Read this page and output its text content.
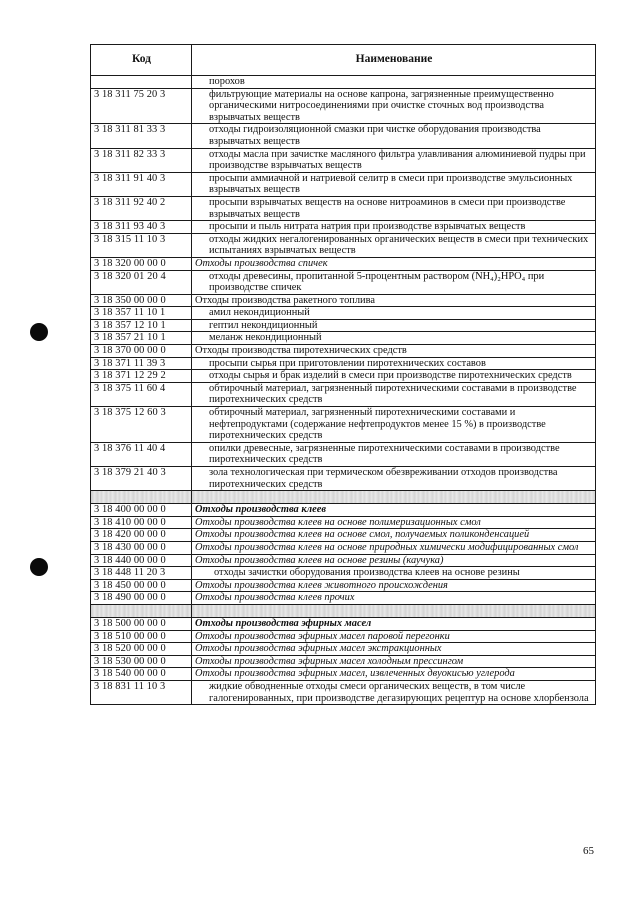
Код	Наименование
	порохов
3 18 311 75 20 3	фильтрующие материалы на основе капрона, загрязненные преимущественно органическими нитросоединениями при очистке сточных вод производства взрывчатых веществ
3 18 311 81 33 3	отходы гидроизоляционной смазки при чистке оборудования производства взрывчатых веществ
3 18 311 82 33 3	отходы масла при зачистке масляного фильтра улавливания алюминиевой пудры при производстве взрывчатых веществ
3 18 311 91 40 3	просыпи аммиачной и натриевой селитр в смеси при производстве эмульсионных взрывчатых веществ
3 18 311 92 40 2	просыпи взрывчатых веществ на основе нитроаминов в смеси при производстве взрывчатых веществ
3 18 311 93 40 3	просыпи и пыль нитрата натрия при производстве взрывчатых веществ
3 18 315 11 10 3	отходы жидких негалогенированных органических веществ в смеси при технических испытаниях взрывчатых веществ
3 18 320 00 00 0	Отходы производства спичек
3 18 320 01 20 4	отходы древесины, пропитанной 5-процентным раствором (NH₄)₂HPO₄ при производстве спичек
3 18 350 00 00 0	Отходы производства ракетного топлива
3 18 357 11 10 1	амил некондиционный
3 18 357 12 10 1	гептил некондиционный
3 18 357 21 10 1	меланж некондиционный
3 18 370 00 00 0	Отходы производства пиротехнических средств
3 18 371 11 39 3	просыпи сырья при приготовлении пиротехнических составов
3 18 371 12 29 2	отходы сырья и брак изделий в смеси при производстве пиротехнических средств
3 18 375 11 60 4	обтирочный материал, загрязненный пиротехническими составами в производстве пиротехнических средств
3 18 375 12 60 3	обтирочный материал, загрязненный пиротехническими составами и нефтепродуктами (содержание нефтепродуктов менее 15 %) в производстве пиротехнических средств
3 18 376 11 40 4	опилки древесные, загрязненные пиротехническими составами в производстве пиротехнических средств
3 18 379 21 40 3	зола технологическая при термическом обезвреживании отходов производства пиротехнических средств

3 18 400 00 00 0	Отходы производства клеев
3 18 410 00 00 0	Отходы производства клеев на основе полимеризационных смол
3 18 420 00 00 0	Отходы производства клеев на основе смол, получаемых поликонденсацией
3 18 430 00 00 0	Отходы производства клеев на основе природных химически модифицированных смол
3 18 440 00 00 0	Отходы производства клеев на основе резины (каучука)
3 18 448 11 20 3	отходы зачистки оборудования производства клеев на основе резины
3 18 450 00 00 0	Отходы производства клеев животного происхождения
3 18 490 00 00 0	Отходы производства клеев прочих

3 18 500 00 00 0	Отходы производства эфирных масел
3 18 510 00 00 0	Отходы производства эфирных масел паровой перегонки
3 18 520 00 00 0	Отходы производства эфирных масел экстракционных
3 18 530 00 00 0	Отходы производства эфирных масел холодным прессингом
3 18 540 00 00 0	Отходы производства эфирных масел, извлеченных двуокисью углерода
3 18 831 11 10 3	жидкие обводненные отходы смеси органических веществ, в том числе галогенированных, при производстве дегазирующих рецептур на основе хлорбензола
65
